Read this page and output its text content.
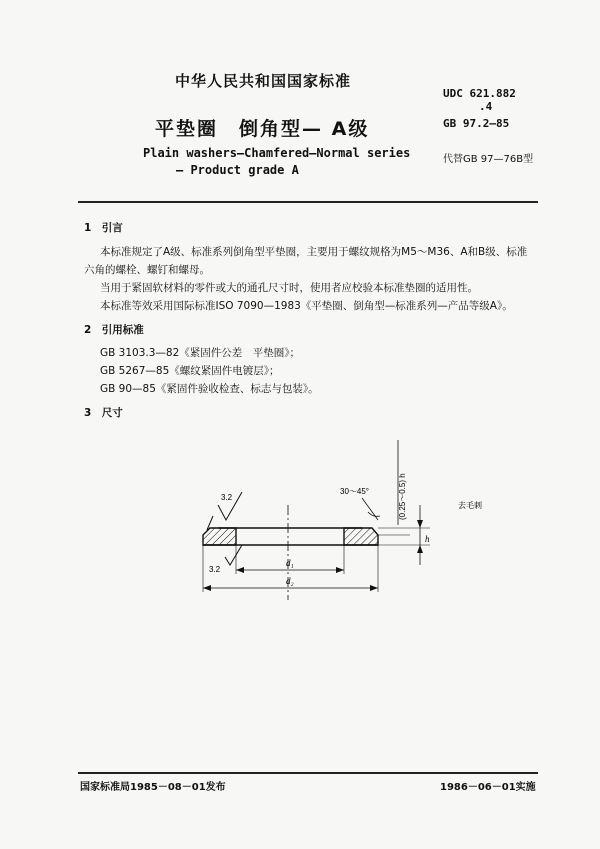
中华人民共和国国家标准
UDC 621.882
.4
平垫圈　倒角型— A级	GB 97.2—85
Plain washers—Chamfered—Normal series
— Product grade A
代替GB 97—76B型
1　引言
本标准规定了A级、标准系列倒角型平垫圈，主要用于螺纹规格为M5～M36、A和B级、标准
六角的螺栓、螺钉和螺母。
当用于紧固软材料的零件或大的通孔尺寸时，使用者应校验本标准垫圈的适用性。
本标准等效采用国际标准ISO 7090—1983《平垫圈、倒角型—标准系列—产品等级A》。
2　引用标准
GB 3103.3—82《紧固件公差　平垫圈》；
GB 5267—85《螺纹紧固件电镀层》；
GB 90—85《紧固件验收检查、标志与包装》。
3　尺寸
3.2
3.2
30～45°
去毛刺
h
d₁
d₂
(0.25～0.5) h
国家标准局1985－08－01发布	1986－06－01实施
